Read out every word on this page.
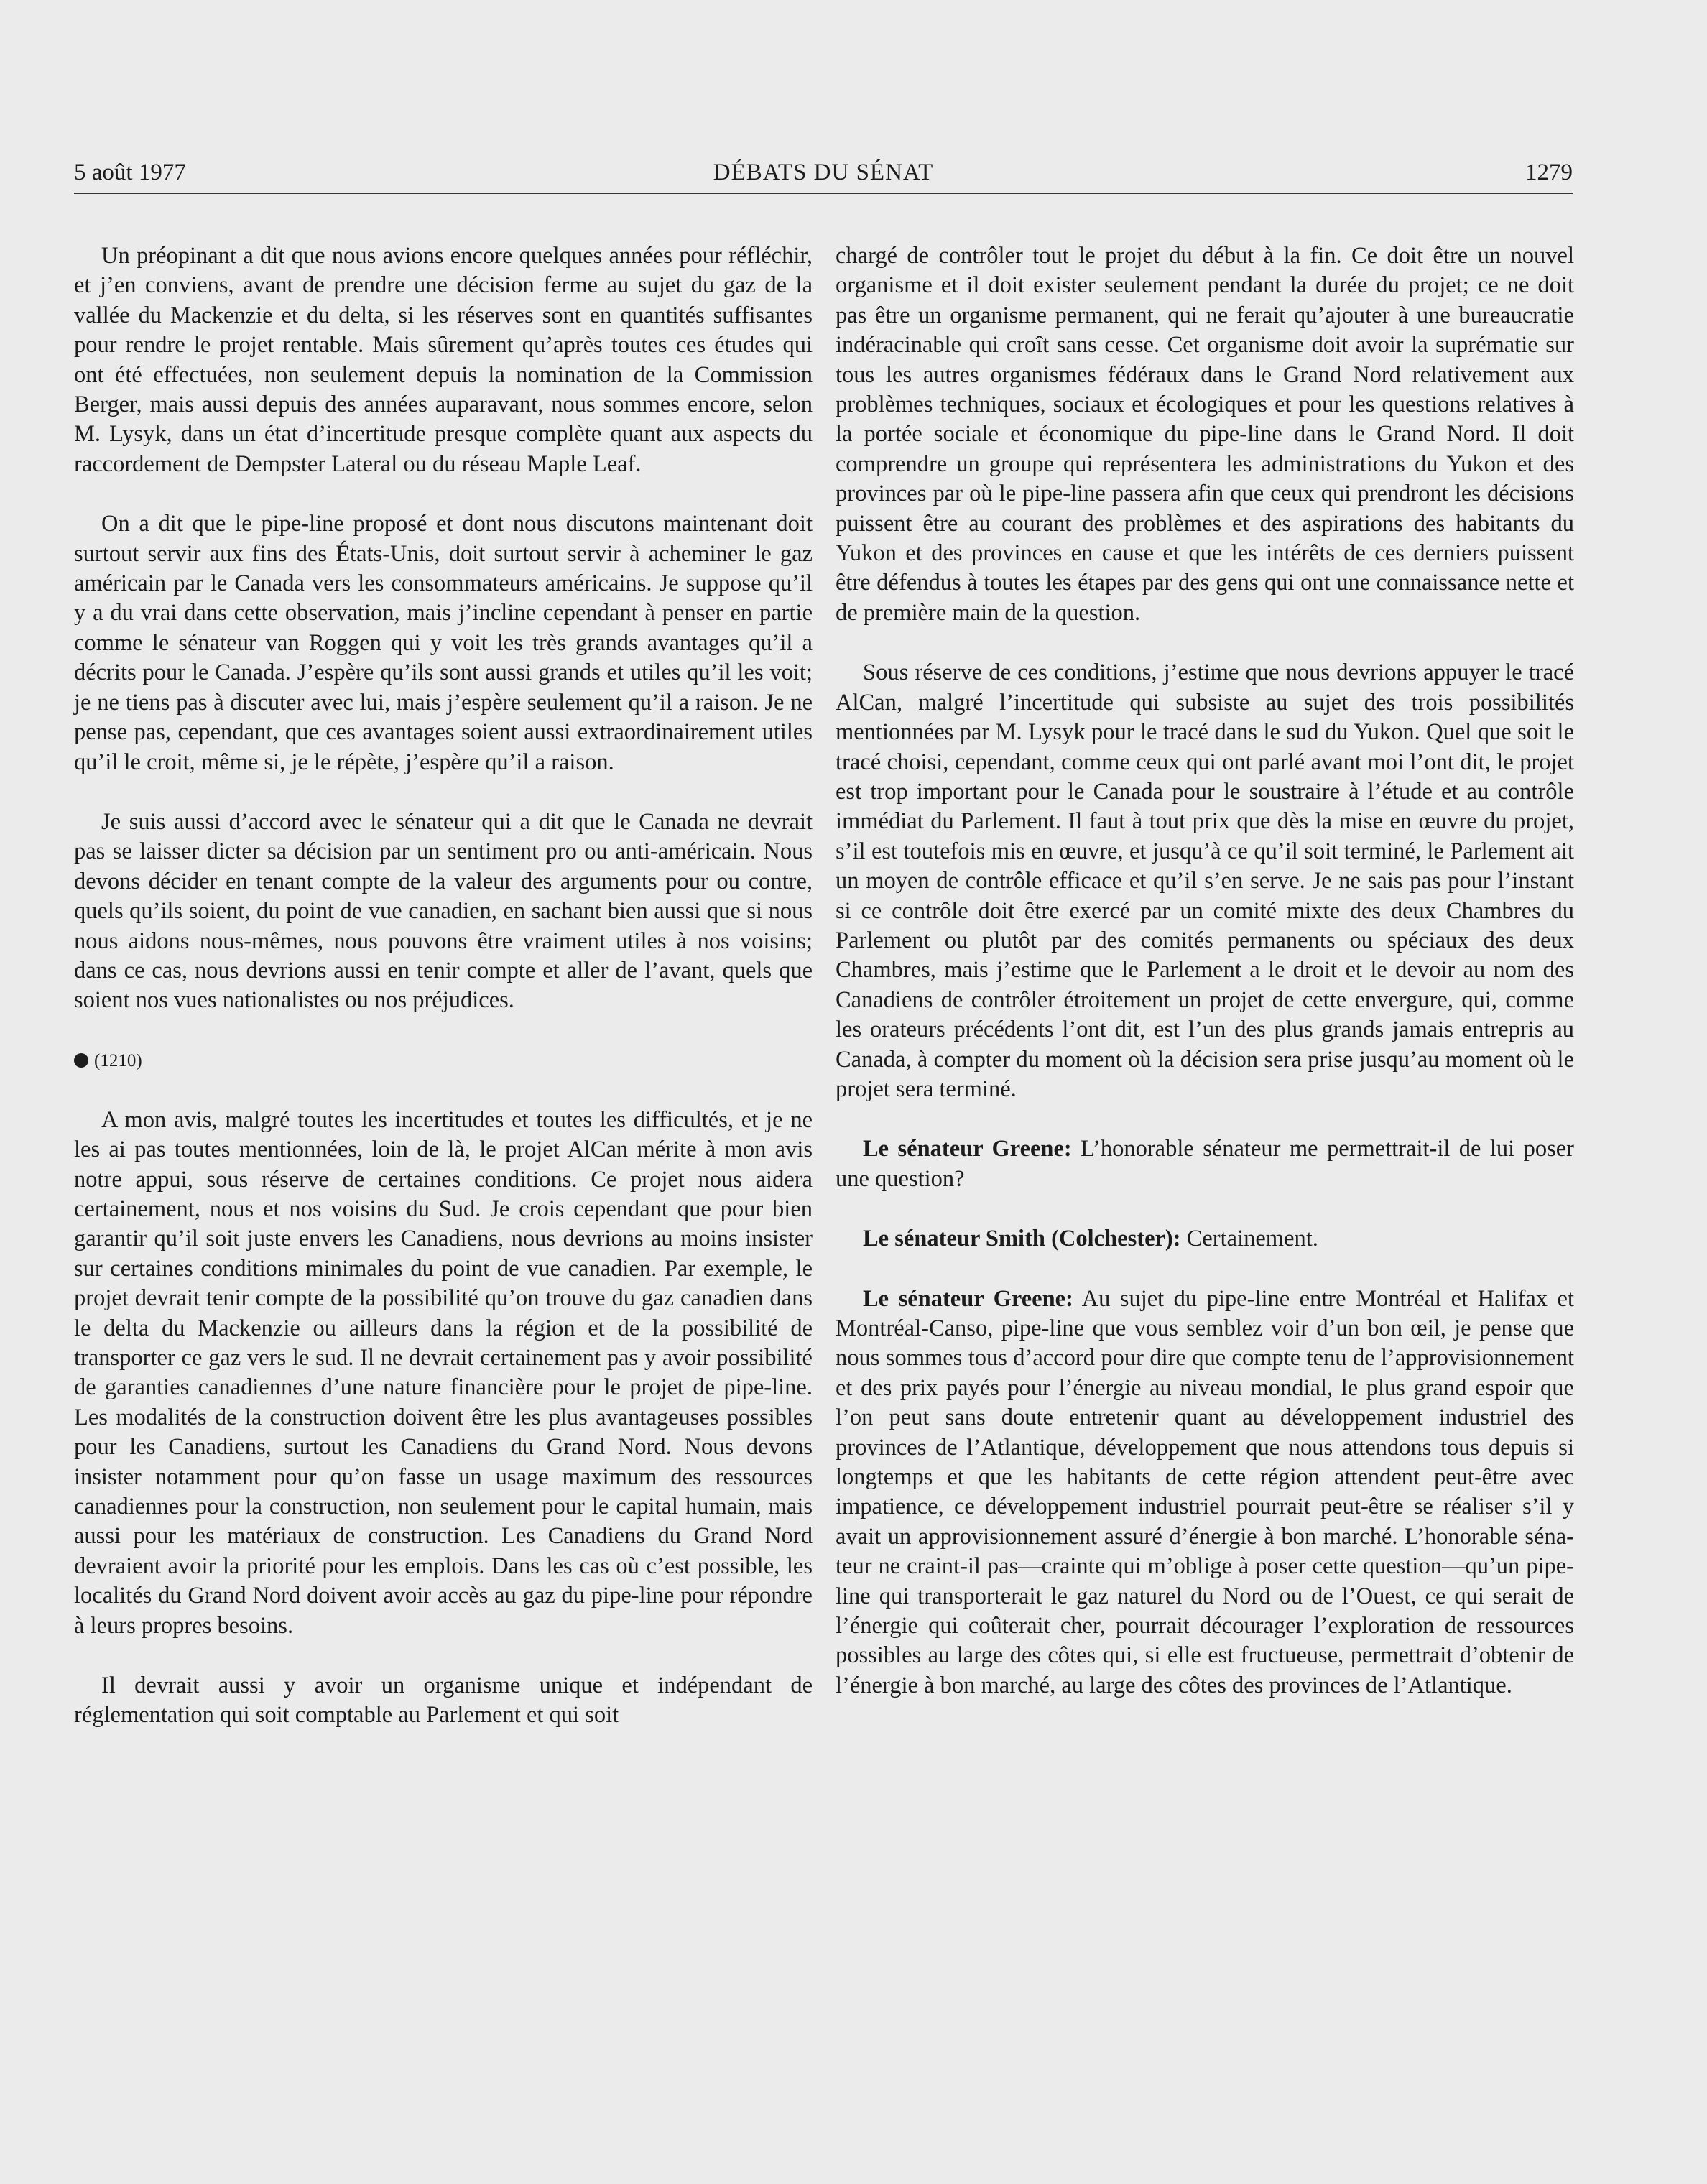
5 août 1977	DÉBATS DU SÉNAT	1279

Un préopinant a dit que nous avions encore quelques années pour réfléchir, et j’en conviens, avant de prendre une décision ferme au sujet du gaz de la vallée du Mackenzie et du delta, si les réserves sont en quantités suffisantes pour rendre le projet rentable. Mais sûrement qu’après toutes ces études qui ont été effectuées, non seulement depuis la nomination de la Commission Berger, mais aussi depuis des années auparavant, nous sommes encore, selon M. Lysyk, dans un état d’incertitude presque complète quant aux aspects du raccordement de Dempster Lateral ou du réseau Maple Leaf.

On a dit que le pipe-line proposé et dont nous discutons maintenant doit surtout servir aux fins des États-Unis, doit surtout servir à acheminer le gaz américain par le Canada vers les consommateurs américains. Je suppose qu’il y a du vrai dans cette observation, mais j’incline cependant à penser en partie comme le sénateur van Roggen qui y voit les très grands avantages qu’il a décrits pour le Canada. J’espère qu’ils sont aussi grands et utiles qu’il les voit; je ne tiens pas à discuter avec lui, mais j’espère seulement qu’il a raison. Je ne pense pas, cependant, que ces avantages soient aussi extraordinairement utiles qu’il le croit, même si, je le répète, j’espère qu’il a raison.

Je suis aussi d’accord avec le sénateur qui a dit que le Canada ne devrait pas se laisser dicter sa décision par un sentiment pro ou anti-américain. Nous devons décider en tenant compte de la valeur des arguments pour ou contre, quels qu’ils soient, du point de vue canadien, en sachant bien aussi que si nous nous aidons nous-mêmes, nous pouvons être vraiment utiles à nos voisins; dans ce cas, nous devrions aussi en tenir compte et aller de l’avant, quels que soient nos vues nationalistes ou nos préjudices.

(1210)

A mon avis, malgré toutes les incertitudes et toutes les difficultés, et je ne les ai pas toutes mentionnées, loin de là, le projet AlCan mérite à mon avis notre appui, sous réserve de certaines conditions. Ce projet nous aidera certainement, nous et nos voisins du Sud. Je crois cependant que pour bien garantir qu’il soit juste envers les Canadiens, nous devrions au moins insister sur certaines conditions minimales du point de vue canadien. Par exemple, le projet devrait tenir compte de la possibilité qu’on trouve du gaz canadien dans le delta du Mackenzie ou ailleurs dans la région et de la possibilité de transporter ce gaz vers le sud. Il ne devrait certainement pas y avoir possibilité de garanties canadiennes d’une nature financière pour le projet de pipe-line. Les modalités de la construction doivent être les plus avantageuses possibles pour les Canadiens, surtout les Canadiens du Grand Nord. Nous devons insister notamment pour qu’on fasse un usage maximum des ressources canadiennes pour la construction, non seulement pour le capital humain, mais aussi pour les matériaux de construction. Les Canadiens du Grand Nord devraient avoir la priorité pour les emplois. Dans les cas où c’est possible, les localités du Grand Nord doivent avoir accès au gaz du pipe-line pour répondre à leurs propres besoins.

Il devrait aussi y avoir un organisme unique et indépendant de réglementation qui soit comptable au Parlement et qui soit

chargé de contrôler tout le projet du début à la fin. Ce doit être un nouvel organisme et il doit exister seulement pendant la durée du projet; ce ne doit pas être un organisme permanent, qui ne ferait qu’ajouter à une bureaucratie indéracinable qui croît sans cesse. Cet organisme doit avoir la suprématie sur tous les autres organismes fédéraux dans le Grand Nord relativement aux problèmes techniques, sociaux et écologiques et pour les questions relatives à la portée sociale et économique du pipe-line dans le Grand Nord. Il doit comprendre un groupe qui représentera les administrations du Yukon et des provinces par où le pipe-line passera afin que ceux qui prendront les décisions puissent être au courant des problèmes et des aspirations des habitants du Yukon et des provinces en cause et que les intérêts de ces derniers puissent être défendus à toutes les étapes par des gens qui ont une connaissance nette et de première main de la question.

Sous réserve de ces conditions, j’estime que nous devrions appuyer le tracé AlCan, malgré l’incertitude qui subsiste au sujet des trois possibilités mentionnées par M. Lysyk pour le tracé dans le sud du Yukon. Quel que soit le tracé choisi, cependant, comme ceux qui ont parlé avant moi l’ont dit, le projet est trop important pour le Canada pour le soustraire à l’étude et au contrôle immédiat du Parlement. Il faut à tout prix que dès la mise en œuvre du projet, s’il est toutefois mis en œuvre, et jusqu’à ce qu’il soit terminé, le Parlement ait un moyen de contrôle efficace et qu’il s’en serve. Je ne sais pas pour l’instant si ce contrôle doit être exercé par un comité mixte des deux Chambres du Parlement ou plutôt par des comités permanents ou spéciaux des deux Chambres, mais j’estime que le Parlement a le droit et le devoir au nom des Canadiens de contrôler étroitement un projet de cette envergure, qui, comme les orateurs précédents l’ont dit, est l’un des plus grands jamais entrepris au Canada, à compter du moment où la décision sera prise jusqu’au moment où le projet sera terminé.

Le sénateur Greene: L’honorable sénateur me permettrait-il de lui poser une question?

Le sénateur Smith (Colchester): Certainement.

Le sénateur Greene: Au sujet du pipe-line entre Montréal et Halifax et Montréal-Canso, pipe-line que vous semblez voir d’un bon œil, je pense que nous sommes tous d’accord pour dire que compte tenu de l’approvisionnement et des prix payés pour l’énergie au niveau mondial, le plus grand espoir que l’on peut sans doute entretenir quant au développement industriel des provinces de l’Atlantique, développement que nous attendons tous depuis si longtemps et que les habitants de cette région attendent peut-être avec impatience, ce développement industriel pourrait peut-être se réaliser s’il y avait un approvisionnement assuré d’énergie à bon marché. L’honorable sénateur ne craint-il pas—crainte qui m’oblige à poser cette question—qu’un pipe-line qui transporterait le gaz naturel du Nord ou de l’Ouest, ce qui serait de l’énergie qui coûterait cher, pourrait décourager l’exploration de ressources possibles au large des côtes qui, si elle est fructueuse, permettrait d’obtenir de l’énergie à bon marché, au large des côtes des provinces de l’Atlantique.
